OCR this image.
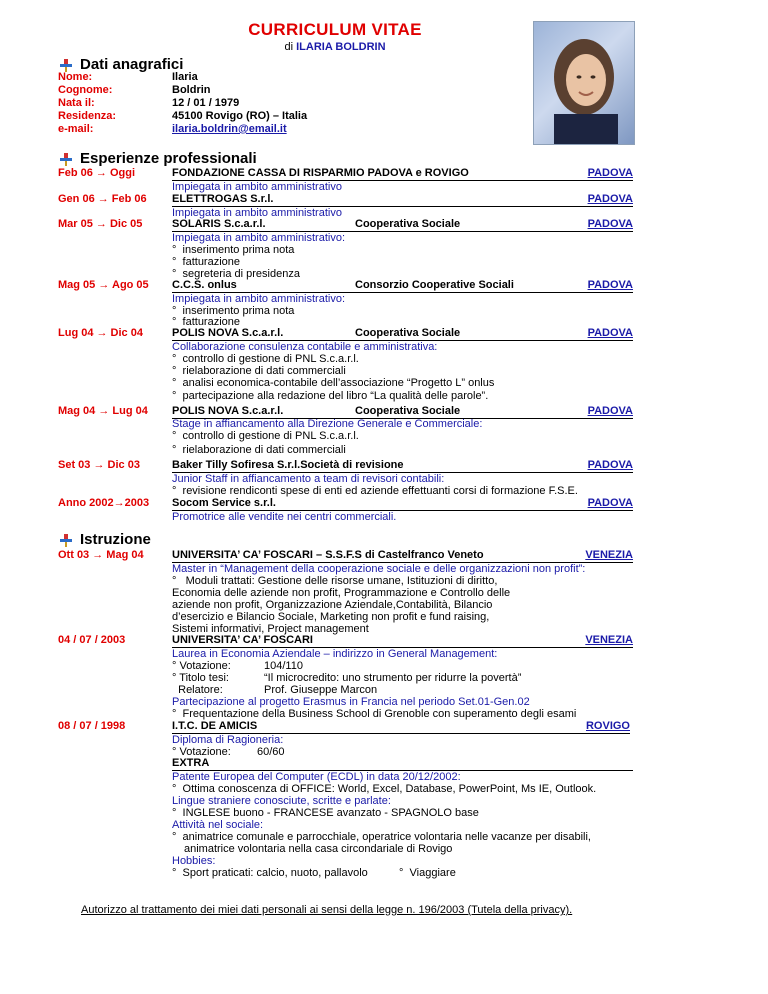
CURRICULUM VITAE
di ILARIA BOLDRIN
Dati anagrafici
Nome:	Ilaria
Cognome:	Boldrin
Nata il:	12 / 01 / 1979
Residenza:	45100 Rovigo (RO) – Italia
e-mail:	ilaria.boldrin@email.it
Esperienze professionali
Feb 06 → Oggi	FONDAZIONE CASSA DI RISPARMIO PADOVA e ROVIGO	PADOVA
Impiegata in ambito amministrativo
Gen 06 → Feb 06 ELETTROGAS S.r.l.	PADOVA
Impiegata in ambito amministrativo
Mar 05 → Dic 05	SOLARIS S.c.a.r.l.	Cooperativa Sociale	PADOVA
Impiegata in ambito amministrativo:
° inserimento prima nota
° fatturazione
° segreteria di presidenza
Mag 05 → Ago 05 C.C.S. onlus	Consorzio Cooperative Sociali	PADOVA
Impiegata in ambito amministrativo:
° inserimento prima nota
° fatturazione
Lug 04 → Dic 04	POLIS NOVA S.c.a.r.l.	Cooperativa Sociale	PADOVA
Collaborazione consulenza contabile e amministrativa:
° controllo di gestione di PNL S.c.a.r.l.
° rielaborazione di dati commerciali
° analisi economica-contabile dell’associazione “Progetto L” onlus
° partecipazione alla redazione del libro “La qualità delle parole”.
Mag 04 → Lug 04 POLIS NOVA S.c.a.r.l.	Cooperativa Sociale	PADOVA
Stage in affiancamento alla Direzione Generale e Commerciale:
° controllo di gestione di PNL S.c.a.r.l.
° rielaborazione di dati commerciali
Set 03 → Dic 03	Baker Tilly Sofiresa S.r.l.Società di revisione	PADOVA
Junior Staff in affiancamento a team di revisori contabili:
° revisione rendiconti spese di enti ed aziende effettuanti corsi di formazione F.S.E.
Anno 2002→2003 Socom Service s.r.l.	PADOVA
Promotrice alle vendite nei centri commerciali.
Istruzione
Ott 03 → Mag 04	UNIVERSITA’ CA’ FOSCARI – S.S.F.S di Castelfranco Veneto	VENEZIA
Master in “Management della cooperazione sociale e delle organizzazioni non profit”:
° Moduli trattati: Gestione delle risorse umane, Istituzioni di diritto,
Economia delle aziende non profit, Programmazione e Controllo delle
aziende non profit, Organizzazione Aziendale,Contabilità, Bilancio
d’esercizio e Bilancio Sociale, Marketing non profit e fund raising,
Sistemi informativi, Project management
04 / 07 / 2003	UNIVERSITA’ CA’ FOSCARI	VENEZIA
Laurea in Economia Aziendale – indirizzo in General Management:
° Votazione:	104/110
° Titolo tesi:	“Il microcredito: uno strumento per ridurre la povertà”
Relatore:	Prof. Giuseppe Marcon
Partecipazione al progetto Erasmus in Francia nel periodo Set.01-Gen.02
° Frequentazione della Business School di Grenoble con superamento degli esami
08 / 07 / 1998	I.T.C. DE AMICIS	ROVIGO
Diploma di Ragioneria:
° Votazione: 60/60
EXTRA
Patente Europea del Computer (ECDL) in data 20/12/2002:
° Ottima conoscenza di OFFICE: World, Excel, Database, PowerPoint, Ms IE, Outlook.
Lingue straniere conosciute, scritte e parlate:
° INGLESE buono - FRANCESE avanzato - SPAGNOLO base
Attività nel sociale:
° animatrice comunale e parrocchiale, operatrice volontaria nelle vacanze per disabili,
animatrice volontaria nella casa circondariale di Rovigo
Hobbies:
° Sport praticati: calcio, nuoto, pallavolo	° Viaggiare
Autorizzo al trattamento dei miei dati personali ai sensi della legge n. 196/2003 (Tutela della privacy).
